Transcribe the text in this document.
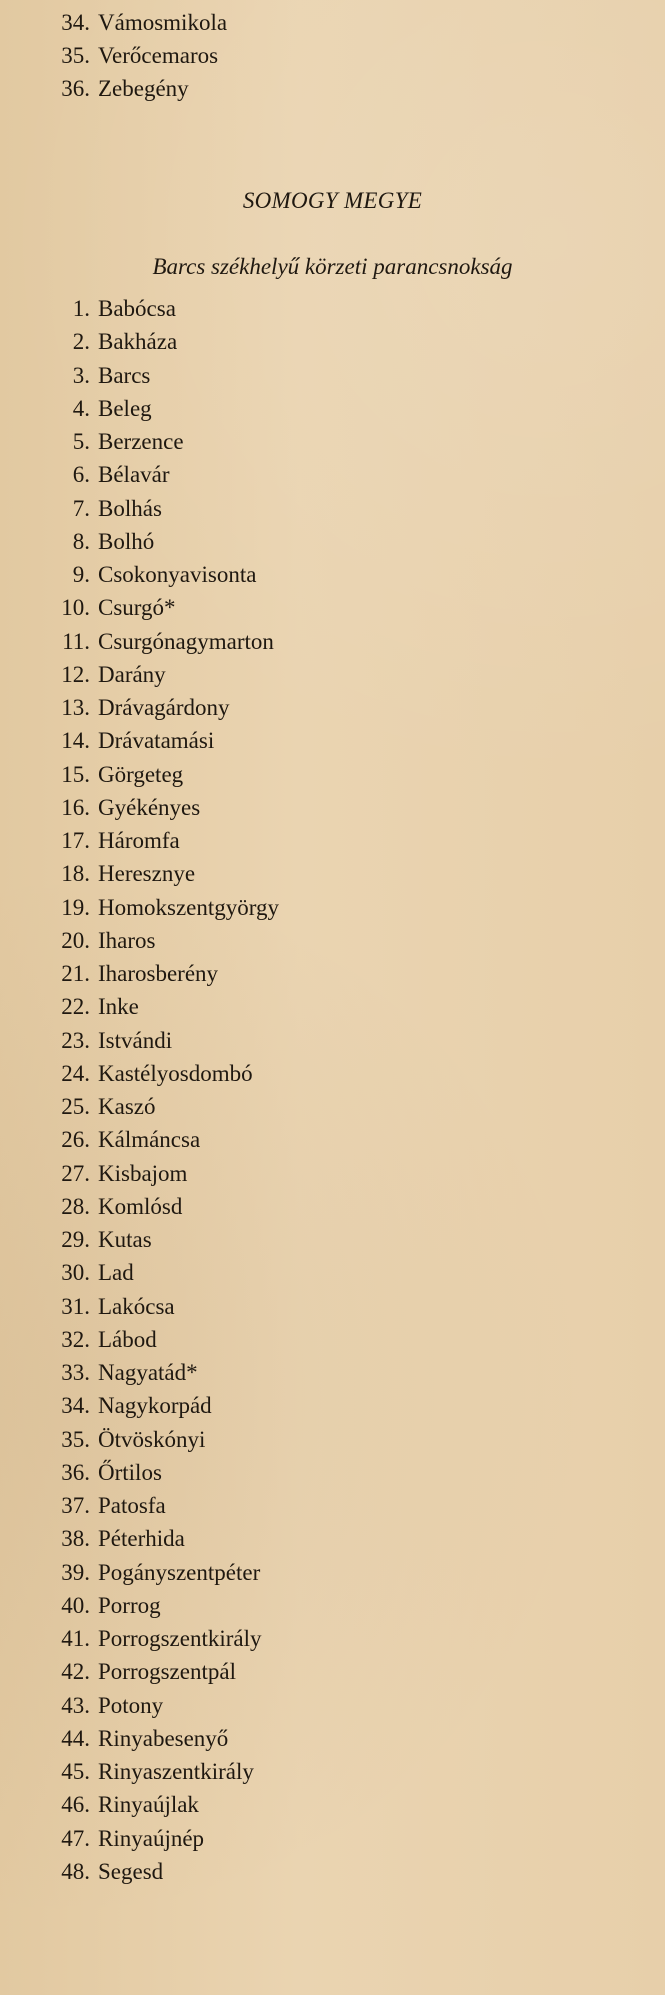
34. Vámosmikola
35. Verőcemaros
36. Zebegény
SOMOGY MEGYE
Barcs székhelyű körzeti parancsnokság
1. Babócsa
2. Bakháza
3. Barcs
4. Beleg
5. Berzence
6. Bélavár
7. Bolhás
8. Bolhó
9. Csokonyavisonta
10. Csurgó*
11. Csurgónagymarton
12. Darány
13. Drávagárdony
14. Drávatamási
15. Görgeteg
16. Gyékényes
17. Háromfa
18. Heresznye
19. Homokszentgyörgy
20. Iharos
21. Iharosberény
22. Inke
23. Istvándi
24. Kastélyosdombó
25. Kaszó
26. Kálmáncsa
27. Kisbajom
28. Komlósd
29. Kutas
30. Lad
31. Lakócsa
32. Lábod
33. Nagyatád*
34. Nagykorpád
35. Ötvöskónyi
36. Őrtilos
37. Patosfa
38. Péterhida
39. Pogányszentpéter
40. Porrog
41. Porrogszentkirály
42. Porrogszentpál
43. Potony
44. Rinyabesenyő
45. Rinyaszentkirály
46. Rinyaújlak
47. Rinyaújnép
48. Segesd
